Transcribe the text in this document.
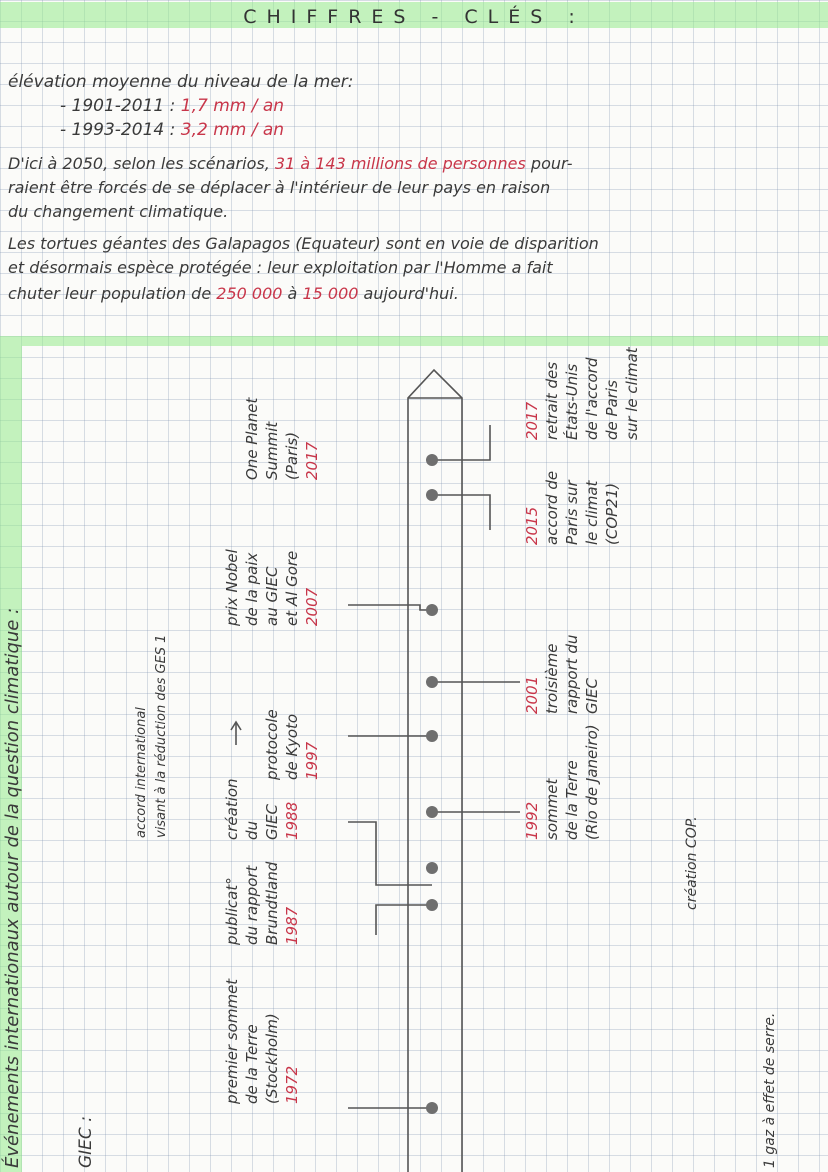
CHIFFRES - CLÉS :
élévation moyenne du niveau de la mer:
- 1901-2011 : 1,7 mm / an
- 1993-2014 : 3,2 mm / an
D'ici à 2050, selon les scénarios, 31 à 143 millions de personnes pour-
raient être forcés de se déplacer à l'intérieur de leur pays en raison
du changement climatique.
Les tortues géantes des Galapagos (Equateur) sont en voie de disparition
et désormais espèce protégée : leur exploitation par l'Homme a fait
chuter leur population de 250 000 à 15 000 aujourd'hui.
Événements internationaux autour de la question climatique :	GIEC :	1 gaz à effet de serre.
premier sommet de la Terre (Stockholm) 1972
publicat° du rapport Brundtland 1987
création du GIEC 1988
protocole de Kyoto 1997
prix Nobel de la paix au GIEC et Al Gore 2007
One Planet Summit (Paris) 2017
accord international visant à la réduction des GES 1	1992 sommet de la Terre (Rio de Janeiro)
2001 troisième rapport du GIEC
2015 accord de Paris sur le climat (COP21)
2017 retrait des États-Unis de l'accord de Paris sur le climat
création COP.
